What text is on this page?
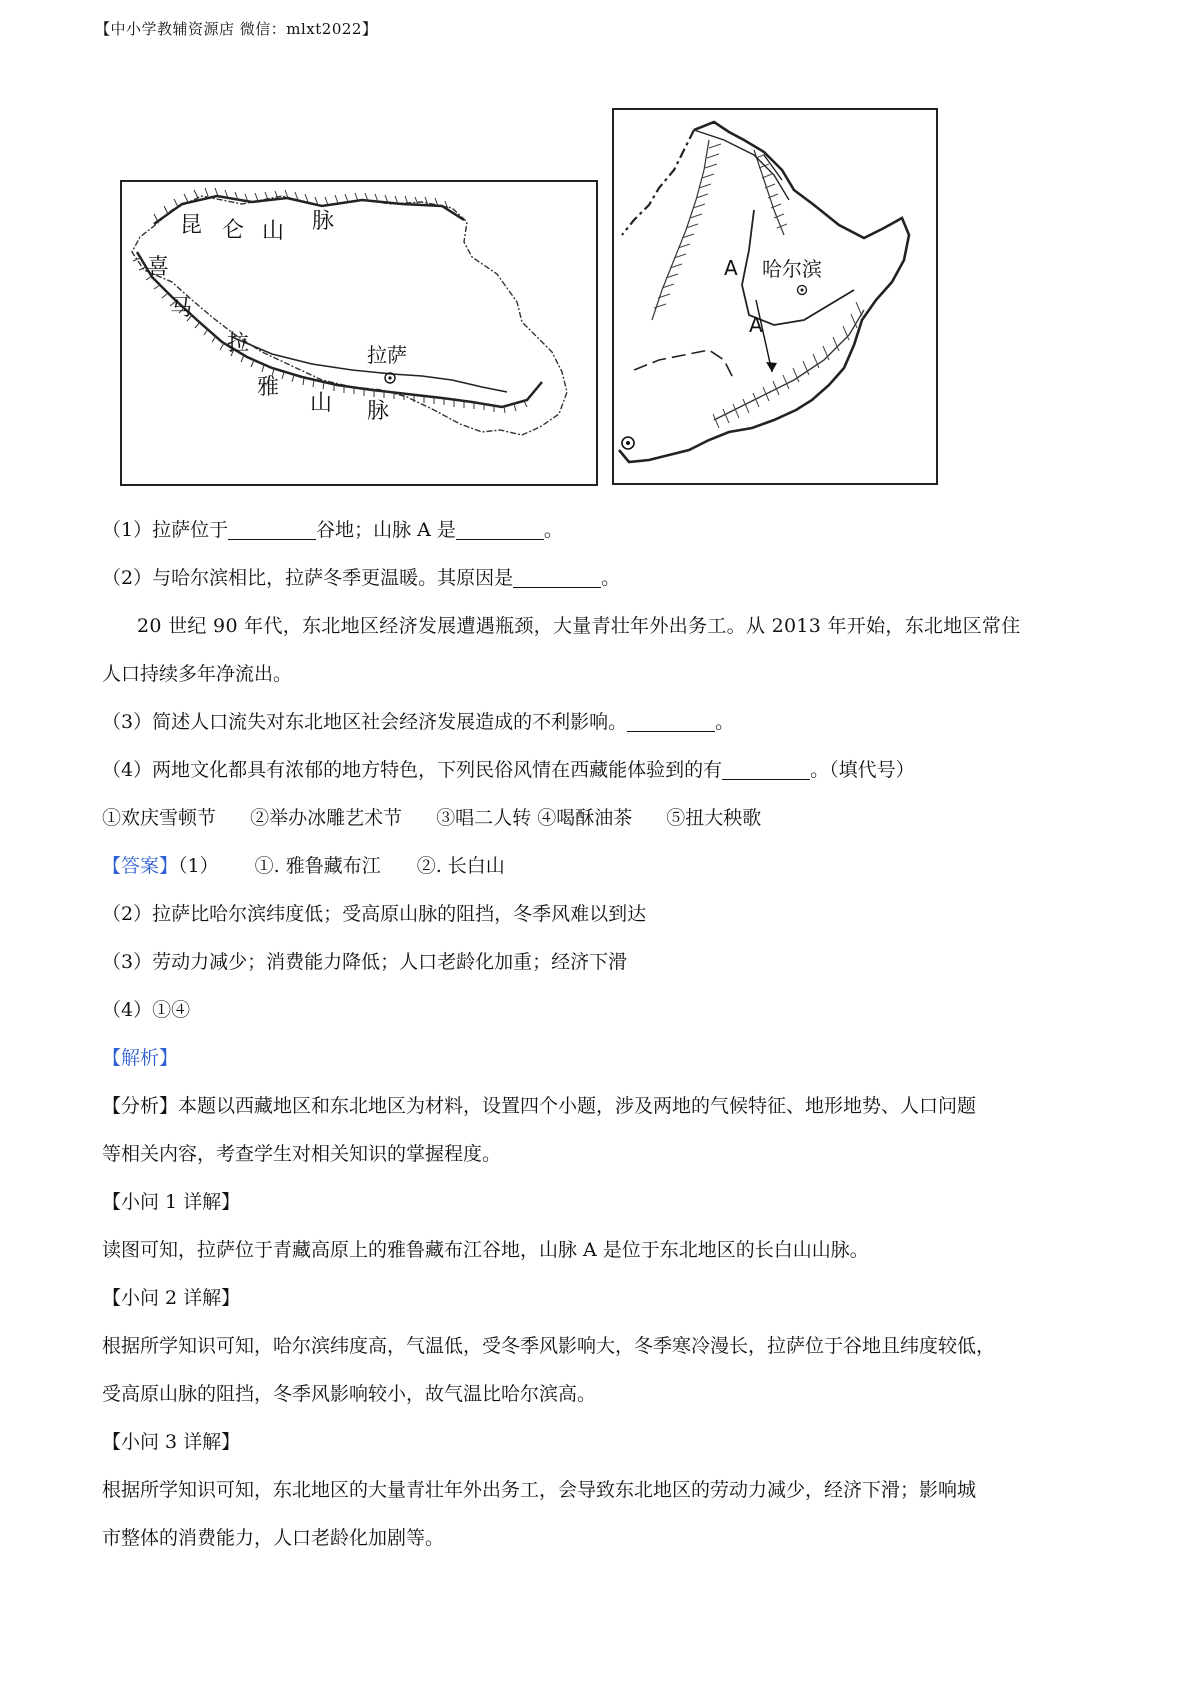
【中小学教辅资源店 微信：mlxt2022】
昆 仑 山 脉
喜
马
拉
雅
山 脉
拉萨
哈尔滨
A
A
（1）拉萨位于	谷地；山脉 A 是	。
（2）与哈尔滨相比，拉萨冬季更温暖。其原因是	。
20 世纪 90 年代，东北地区经济发展遭遇瓶颈，大量青壮年外出务工。从 2013 年开始，东北地区常住
人口持续多年净流出。
（3）简述人口流失对东北地区社会经济发展造成的不利影响。	。
（4）两地文化都具有浓郁的地方特色，下列民俗风情在西藏能体验到的有	。（填代号）
①欢庆雪顿节 ②举办冰雕艺术节 ③唱二人转 ④喝酥油茶 ⑤扭大秧歌
【答案】（1） ①. 雅鲁藏布江 ②. 长白山
（2）拉萨比哈尔滨纬度低；受高原山脉的阻挡，冬季风难以到达
（3）劳动力减少；消费能力降低；人口老龄化加重；经济下滑
（4）①④
【解析】
【分析】本题以西藏地区和东北地区为材料，设置四个小题，涉及两地的气候特征、地形地势、人口问题
等相关内容，考查学生对相关知识的掌握程度。
【小问 1 详解】
读图可知，拉萨位于青藏高原上的雅鲁藏布江谷地，山脉 A 是位于东北地区的长白山山脉。
【小问 2 详解】
根据所学知识可知，哈尔滨纬度高，气温低，受冬季风影响大，冬季寒冷漫长，拉萨位于谷地且纬度较低，
受高原山脉的阻挡，冬季风影响较小，故气温比哈尔滨高。
【小问 3 详解】
根据所学知识可知，东北地区的大量青壮年外出务工，会导致东北地区的劳动力减少，经济下滑；影响城
市整体的消费能力，人口老龄化加剧等。
